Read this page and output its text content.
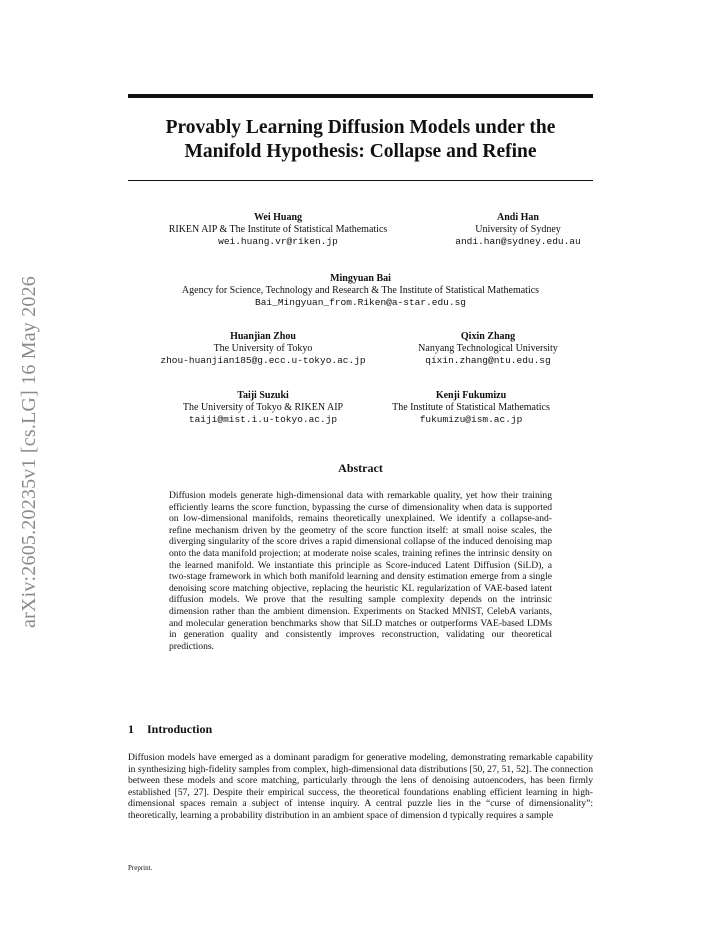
arXiv:2605.20235v1 [cs.LG] 16 May 2026
Provably Learning Diffusion Models under the
Manifold Hypothesis: Collapse and Refine
Wei Huang
RIKEN AIP & The Institute of Statistical Mathematics
wei.huang.vr@riken.jp
Andi Han
University of Sydney
andi.han@sydney.edu.au
Mingyuan Bai
Agency for Science, Technology and Research & The Institute of Statistical Mathematics
Bai_Mingyuan_from.Riken@a-star.edu.sg
Huanjian Zhou
The University of Tokyo
zhou-huanjian185@g.ecc.u-tokyo.ac.jp
Qixin Zhang
Nanyang Technological University
qixin.zhang@ntu.edu.sg
Taiji Suzuki
The University of Tokyo & RIKEN AIP
taiji@mist.i.u-tokyo.ac.jp
Kenji Fukumizu
The Institute of Statistical Mathematics
fukumizu@ism.ac.jp
Abstract
Diffusion models generate high-dimensional data with remarkable quality, yet how their training efficiently learns the score function, bypassing the curse of dimensionality when data is supported on low-dimensional manifolds, remains theoretically unexplained. We identify a collapse-and-refine mechanism driven by the geometry of the score function itself: at small noise scales, the diverging singularity of the score drives a rapid dimensional collapse of the induced denoising map onto the data manifold projection; at moderate noise scales, training refines the intrinsic density on the learned manifold. We instantiate this principle as Score-induced Latent Diffusion (SiLD), a two-stage framework in which both manifold learning and density estimation emerge from a single denoising score matching objective, replacing the heuristic KL regularization of VAE-based latent diffusion models. We prove that the resulting sample complexity depends on the intrinsic dimension rather than the ambient dimension. Experiments on Stacked MNIST, CelebA variants, and molecular generation benchmarks show that SiLD matches or outperforms VAE-based LDMs in generation quality and consistently improves reconstruction, validating our theoretical predictions.
1 Introduction
Diffusion models have emerged as a dominant paradigm for generative modeling, demonstrating remarkable capability in synthesizing high-fidelity samples from complex, high-dimensional data distributions [50, 27, 51, 52]. The connection between these models and score matching, particularly through the lens of denoising autoencoders, has been firmly established [57, 27]. Despite their empirical success, the theoretical foundations enabling efficient learning in high-dimensional spaces remain a subject of intense inquiry. A central puzzle lies in the “curse of dimensionality”: theoretically, learning a probability distribution in an ambient space of dimension d typically requires a sample
Preprint.
